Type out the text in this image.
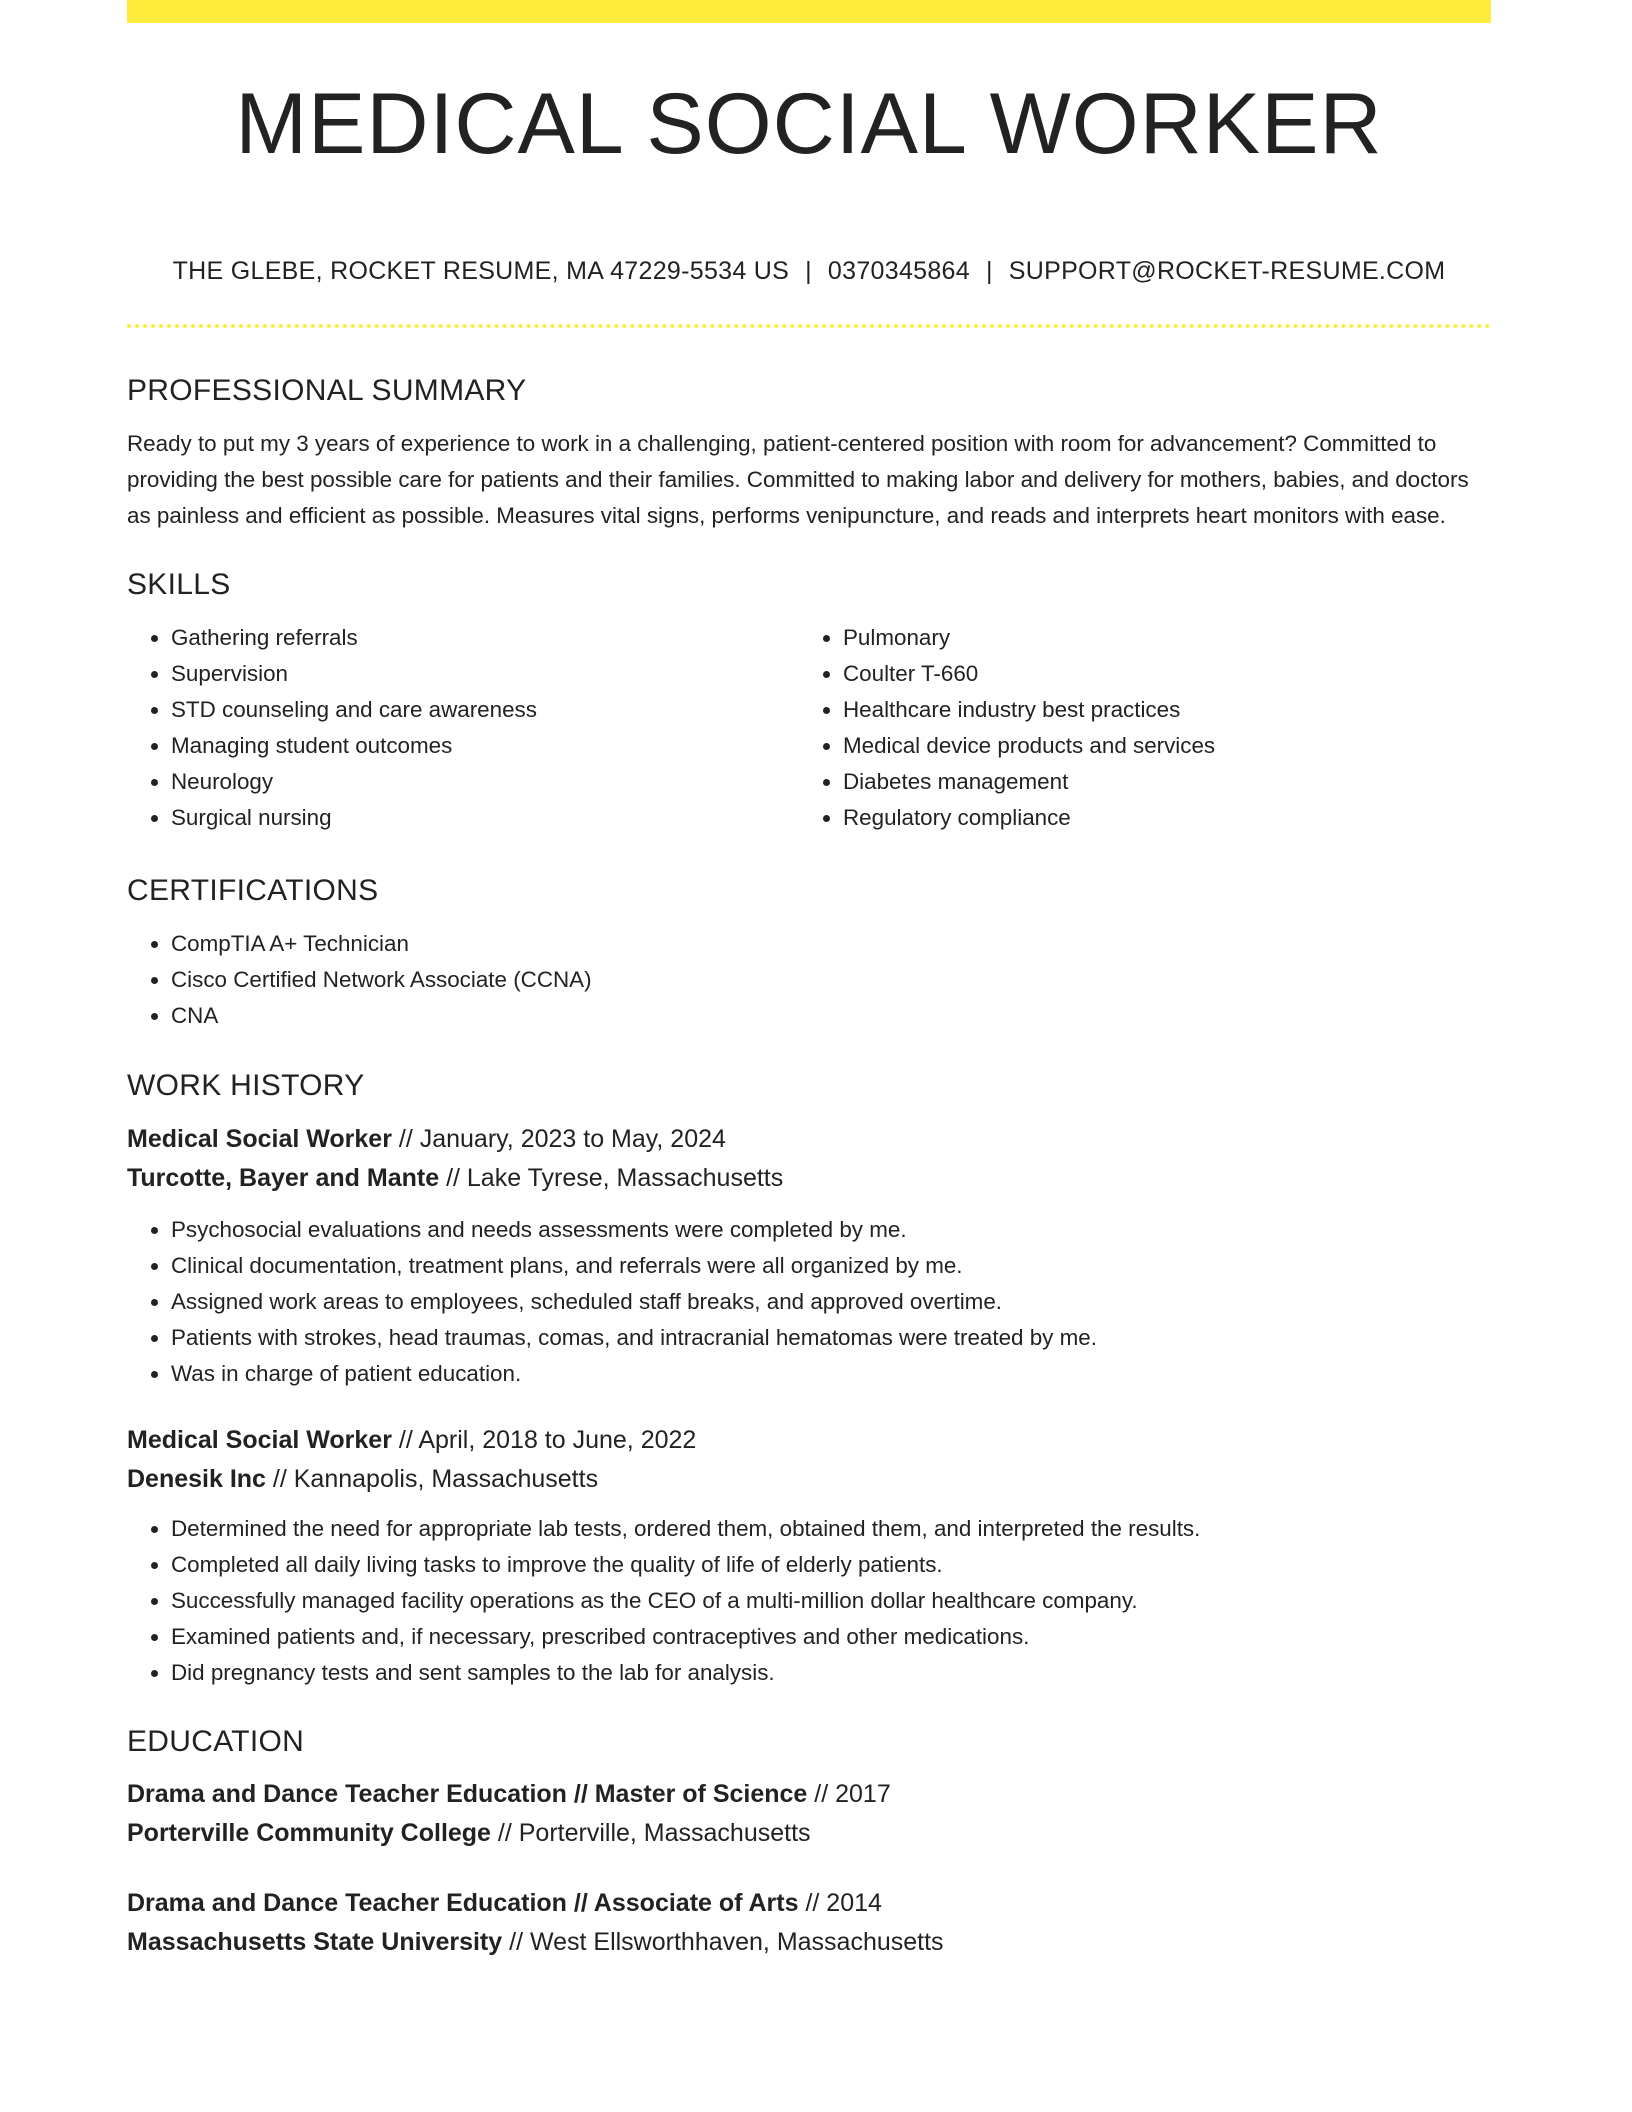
MEDICAL SOCIAL WORKER
THE GLEBE, ROCKET RESUME, MA 47229-5534 US | 0370345864 | SUPPORT@ROCKET-RESUME.COM
PROFESSIONAL SUMMARY
Ready to put my 3 years of experience to work in a challenging, patient-centered position with room for advancement? Committed to providing the best possible care for patients and their families. Committed to making labor and delivery for mothers, babies, and doctors as painless and efficient as possible. Measures vital signs, performs venipuncture, and reads and interprets heart monitors with ease.
SKILLS
• Gathering referrals
• Supervision
• STD counseling and care awareness
• Managing student outcomes
• Neurology
• Surgical nursing
• Pulmonary
• Coulter T-660
• Healthcare industry best practices
• Medical device products and services
• Diabetes management
• Regulatory compliance
CERTIFICATIONS
• CompTIA A+ Technician
• Cisco Certified Network Associate (CCNA)
• CNA
WORK HISTORY
Medical Social Worker // January, 2023 to May, 2024
Turcotte, Bayer and Mante // Lake Tyrese, Massachusetts
• Psychosocial evaluations and needs assessments were completed by me.
• Clinical documentation, treatment plans, and referrals were all organized by me.
• Assigned work areas to employees, scheduled staff breaks, and approved overtime.
• Patients with strokes, head traumas, comas, and intracranial hematomas were treated by me.
• Was in charge of patient education.
Medical Social Worker // April, 2018 to June, 2022
Denesik Inc // Kannapolis, Massachusetts
• Determined the need for appropriate lab tests, ordered them, obtained them, and interpreted the results.
• Completed all daily living tasks to improve the quality of life of elderly patients.
• Successfully managed facility operations as the CEO of a multi-million dollar healthcare company.
• Examined patients and, if necessary, prescribed contraceptives and other medications.
• Did pregnancy tests and sent samples to the lab for analysis.
EDUCATION
Drama and Dance Teacher Education // Master of Science // 2017
Porterville Community College // Porterville, Massachusetts
Drama and Dance Teacher Education // Associate of Arts // 2014
Massachusetts State University // West Ellsworthhaven, Massachusetts
